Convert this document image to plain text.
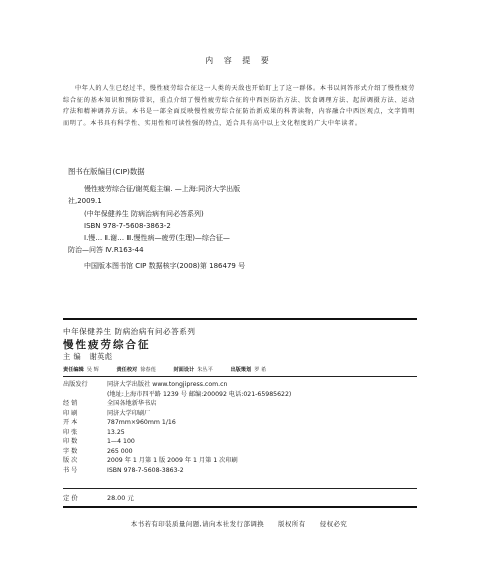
内 容 提 要
中年人的人生已经过半，慢性疲劳综合征这一人类的天敌也开始盯上了这一群体。本书以问答形式介绍了慢性疲劳综合征的基本知识和预防常识，重点介绍了慢性疲劳综合征的中西医防治方法、饮食调理方法、起居调摄方法、运动疗法和精神调养方法。本书是一部全面反映慢性疲劳综合征防治新成果的科普读物，内容融合中西医观点，文字简明而明了。本书具有科学性、实用性和可读性强的特点，适合具有高中以上文化程度的广大中年读者。
图书在版编目(CIP)数据
慢性疲劳综合征/谢英彪主编. —上海:同济大学出版
社,2009.1
(中年保健养生 防病治病有问必答系列)
ISBN 978-7-5608-3863-2
Ⅰ.慢… Ⅱ.谢… Ⅲ.慢性病—疲劳(生理)—综合征—
防治—问答 Ⅳ.R163-44
中国版本图书馆 CIP 数据核字(2008)第 186479 号
中年保健养生 防病治病有问必答系列
慢性疲劳综合征
主 编 谢英彪
责任编辑 吴 辉	责任校对 徐春莲	封面设计 朱丛平	出版策划 罗 希
出版发行	同济大学出版社 www.tongjipress.com.cn
(地址:上海市四平路 1239 号 邮编:200092 电话:021-65985622)
经 销	全国各地新华书店
印 刷	同济大学印刷厂
开 本	787mm×960mm 1/16
印 张	13.25
印 数	1—4 100
字 数	265 000
版 次	2009 年 1 月第 1 版 2009 年 1 月第 1 次印刷
书 号	ISBN 978-7-5608-3863-2
定 价	28.00 元
本书若有印装质量问题,请向本社发行部调换 版权所有 侵权必究
